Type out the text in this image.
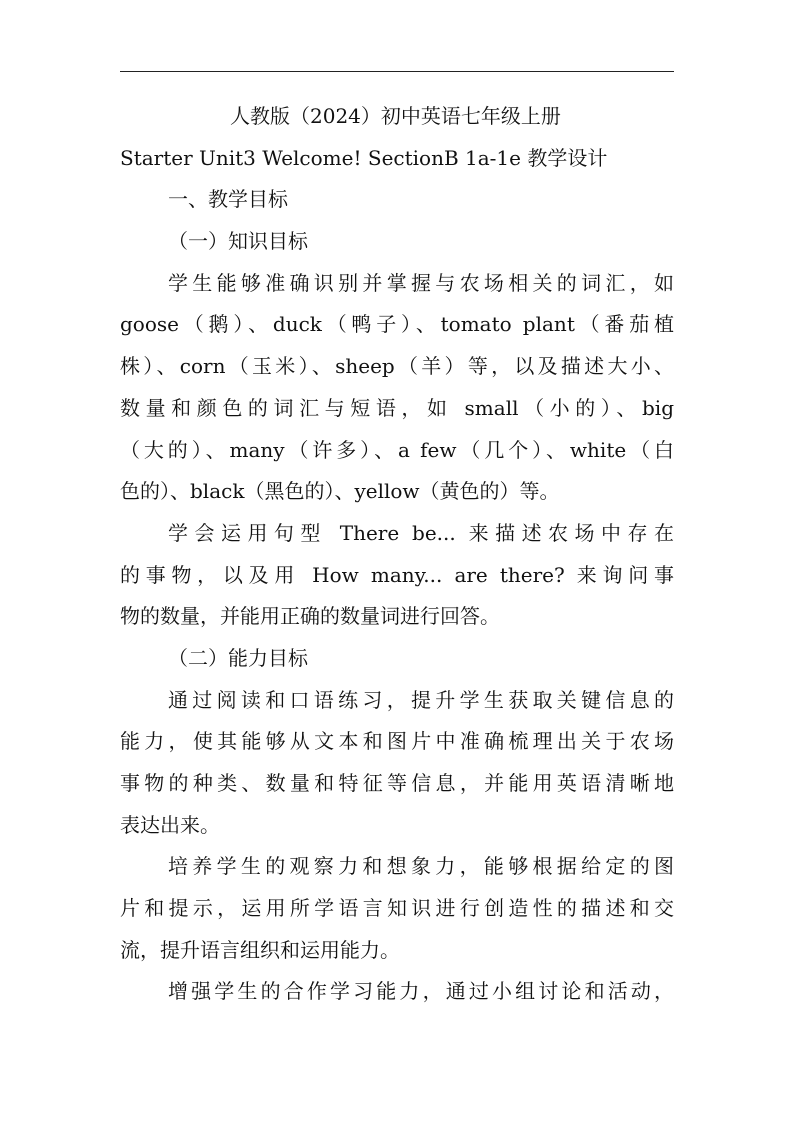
人教版（2024）初中英语七年级上册
Starter Unit3 Welcome! SectionB 1a-1e 教学设计
一、教学目标
（一）知识目标
学生能够准确识别并掌握与农场相关的词汇，如
goose（鹅）、duck（鸭子）、tomato plant（番茄植
株）、corn（玉米）、sheep（羊）等，以及描述大小、
数量和颜色的词汇与短语，如 small（小的）、big
（大的）、many（许多）、a few（几个）、white（白
色的）、black（黑色的）、yellow（黄色的）等。
学会运用句型 There be... 来描述农场中存在
的事物，以及用 How many... are there? 来询问事
物的数量，并能用正确的数量词进行回答。
（二）能力目标
通过阅读和口语练习，提升学生获取关键信息的
能力，使其能够从文本和图片中准确梳理出关于农场
事物的种类、数量和特征等信息，并能用英语清晰地
表达出来。
培养学生的观察力和想象力，能够根据给定的图
片和提示，运用所学语言知识进行创造性的描述和交
流，提升语言组织和运用能力。
增强学生的合作学习能力，通过小组讨论和活动，
